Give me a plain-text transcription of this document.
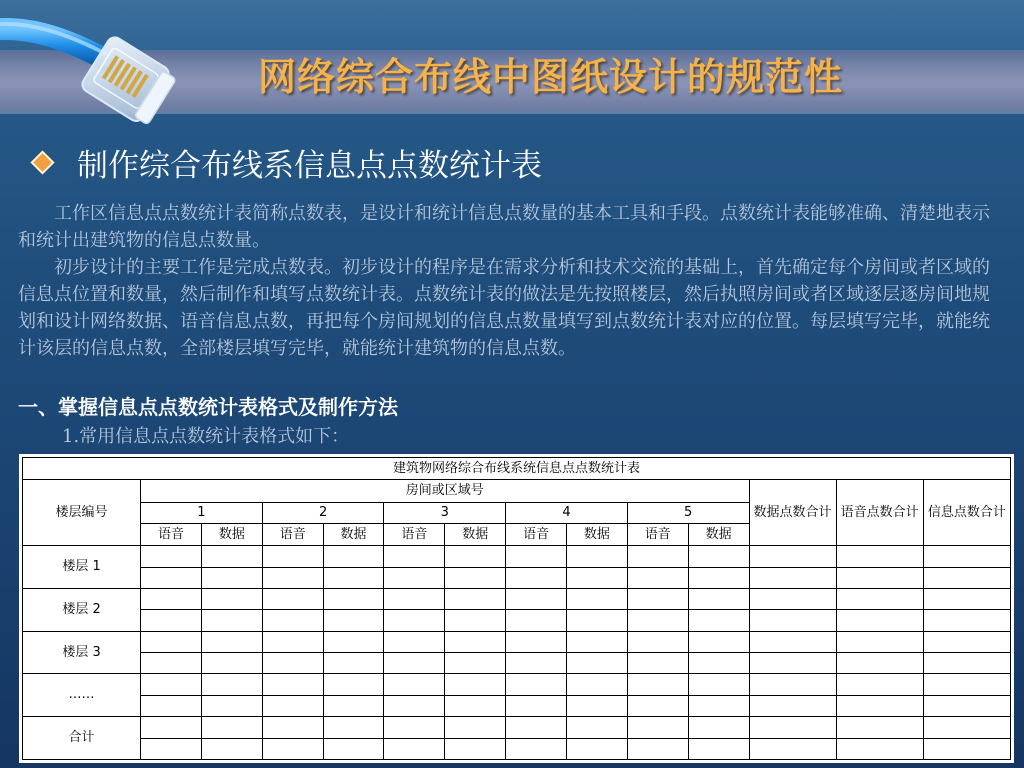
网络综合布线中图纸设计的规范性
制作综合布线系信息点点数统计表

工作区信息点点数统计表简称点数表，是设计和统计信息点数量的基本工具和手段。点数统计表能够准确、清楚地表示和统计出建筑物的信息点数量。

初步设计的主要工作是完成点数表。初步设计的程序是在需求分析和技术交流的基础上，首先确定每个房间或者区域的信息点位置和数量，然后制作和填写点数统计表。点数统计表的做法是先按照楼层，然后执照房间或者区域逐层逐房间地规划和设计网络数据、语音信息点数，再把每个房间规划的信息点数量填写到点数统计表对应的位置。每层填写完毕，就能统计该层的信息点数，全部楼层填写完毕，就能统计建筑物的信息点数。

一、掌握信息点点数统计表格式及制作方法
1.常用信息点点数统计表格式如下：
建筑物网络综合布线系统信息点点数统计表													
楼层编号	房间或区域号										数据点数合计	语音点数合计	信息点数合计
	1		2		3		4		5				
	语音	数据	语音	数据	语音	数据	语音	数据	语音	数据			
楼层 1													

楼层 2													

楼层 3													

……													

合计													
